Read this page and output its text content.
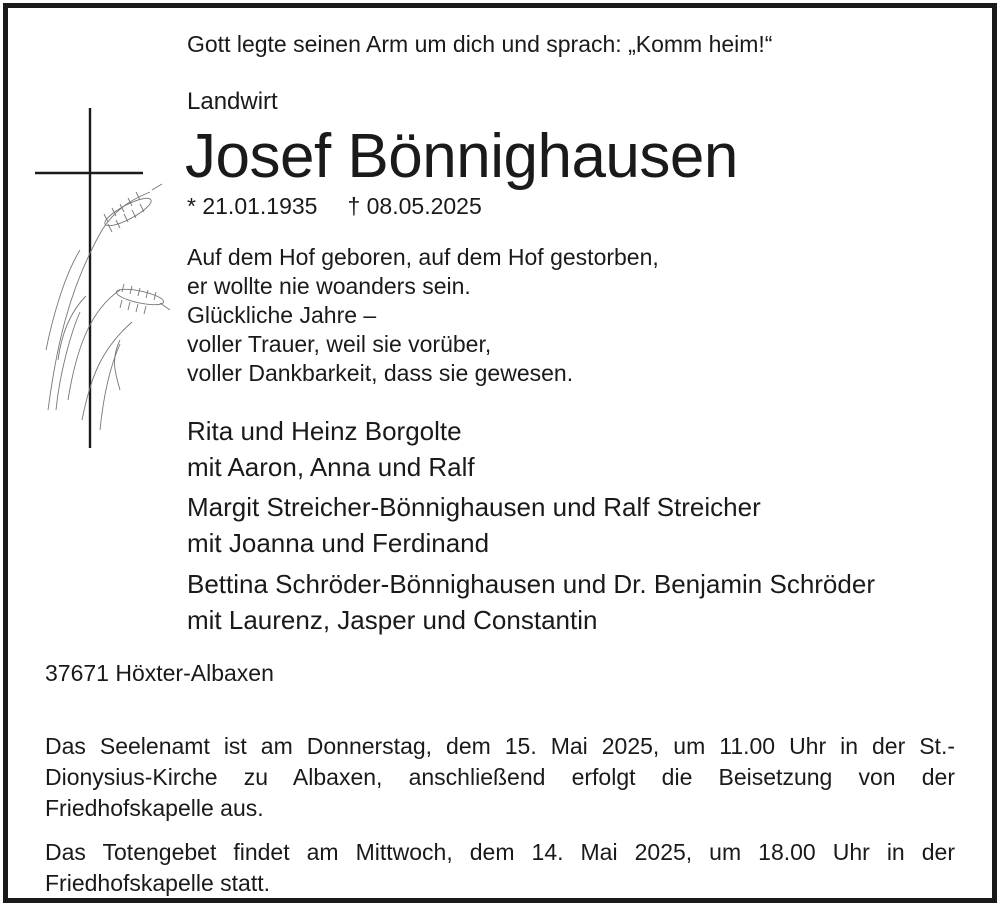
Gott legte seinen Arm um dich und sprach: „Komm heim!“

Landwirt

Josef Bönnighausen

* 21.01.1935 † 08.05.2025

Auf dem Hof geboren, auf dem Hof gestorben,
er wollte nie woanders sein.
Glückliche Jahre –
voller Trauer, weil sie vorüber,
voller Dankbarkeit, dass sie gewesen.
Rita und Heinz Borgolte
mit Aaron, Anna und Ralf
Margit Streicher-Bönnighausen und Ralf Streicher
mit Joanna und Ferdinand
Bettina Schröder-Bönnighausen und Dr. Benjamin Schröder
mit Laurenz, Jasper und Constantin

37671 Höxter-Albaxen

Das Seelenamt ist am Donnerstag, dem 15. Mai 2025, um 11.00 Uhr in der St.-Dionysius-Kirche zu Albaxen, anschließend erfolgt die Beisetzung von der Friedhofskapelle aus.

Das Totengebet findet am Mittwoch, dem 14. Mai 2025, um 18.00 Uhr in der Friedhofskapelle statt.
